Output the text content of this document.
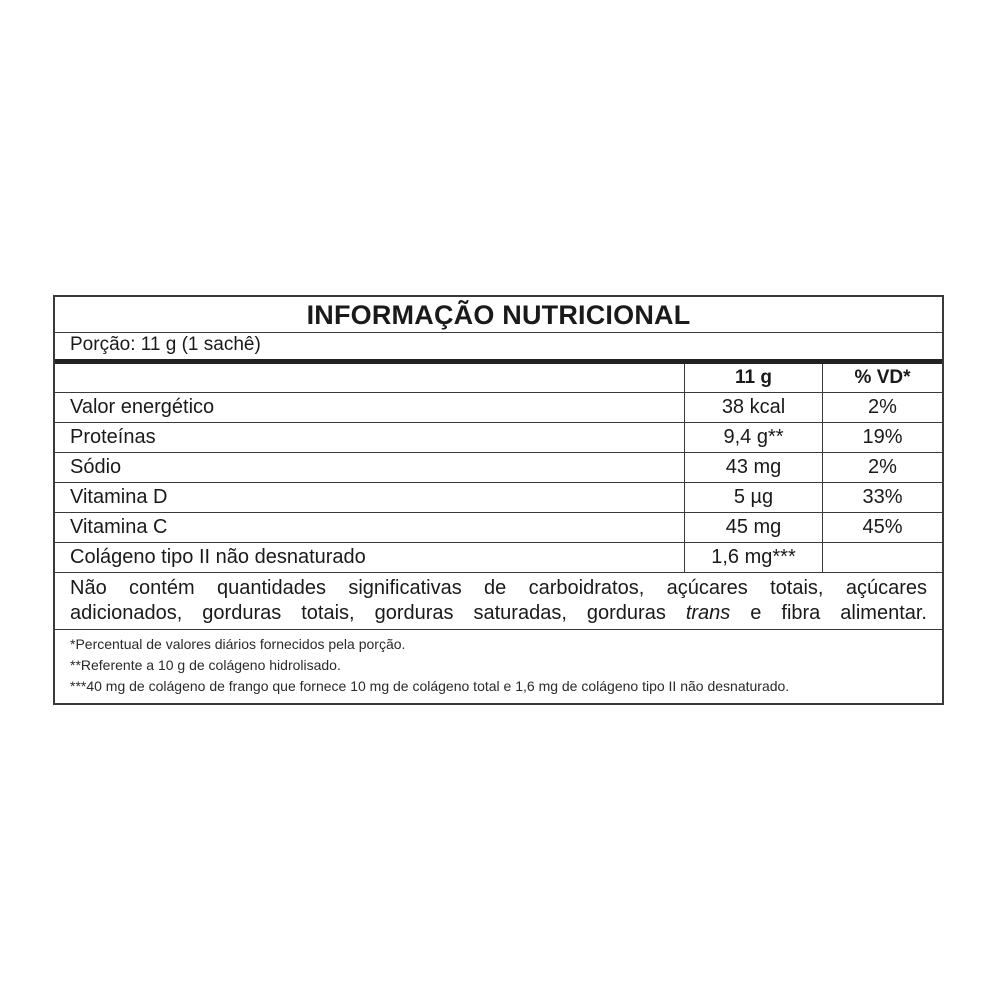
INFORMAÇÃO NUTRICIONAL
Porção: 11 g (1 sachê)
	11 g	% VD*
Valor energético	38 kcal	2%
Proteínas	9,4 g**	19%
Sódio	43 mg	2%
Vitamina D	5 µg	33%
Vitamina C	45 mg	45%
Colágeno tipo II não desnaturado	1,6 mg***	
Não contém quantidades significativas de carboidratos, açúcares totais, açúcares
adicionados, gorduras totais, gorduras saturadas, gorduras trans e fibra alimentar.
*Percentual de valores diários fornecidos pela porção.
**Referente a 10 g de colágeno hidrolisado.
***40 mg de colágeno de frango que fornece 10 mg de colágeno total e 1,6 mg de colágeno tipo II não desnaturado.
